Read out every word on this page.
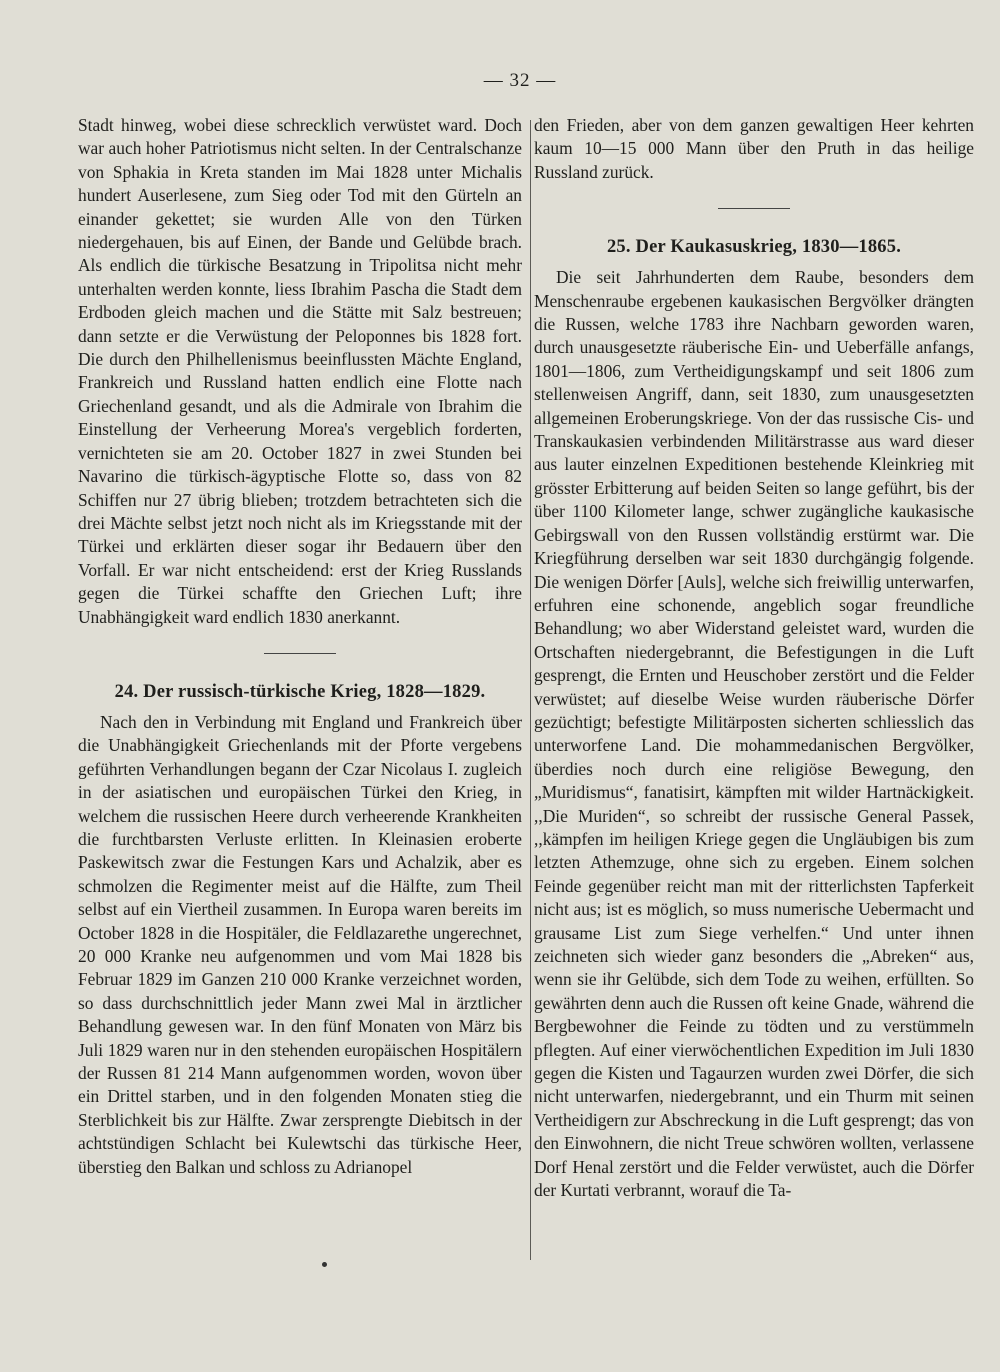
— 32 —

Stadt hinweg, wobei diese schrecklich verwüstet ward. Doch war auch hoher Patriotismus nicht selten. In der Centralschanze von Sphakia in Kreta standen im Mai 1828 unter Michalis hundert Auserlesene, zum Sieg oder Tod mit den Gürteln an einander gekettet; sie wurden Alle von den Türken niedergehauen, bis auf Einen, der Bande und Gelübde brach. Als endlich die türkische Besatzung in Tripolitsa nicht mehr unterhalten werden konnte, liess Ibrahim Pascha die Stadt dem Erdboden gleich machen und die Stätte mit Salz bestreuen; dann setzte er die Verwüstung der Peloponnes bis 1828 fort. Die durch den Philhellenismus beeinflussten Mächte England, Frankreich und Russland hatten endlich eine Flotte nach Griechenland gesandt, und als die Admirale von Ibrahim die Einstellung der Verheerung Morea's vergeblich forderten, vernichteten sie am 20. October 1827 in zwei Stunden bei Navarino die türkisch-ägyptische Flotte so, dass von 82 Schiffen nur 27 übrig blieben; trotzdem betrachteten sich die drei Mächte selbst jetzt noch nicht als im Kriegsstande mit der Türkei und erklärten dieser sogar ihr Bedauern über den Vorfall. Er war nicht entscheidend: erst der Krieg Russlands gegen die Türkei schaffte den Griechen Luft; ihre Unabhängigkeit ward endlich 1830 anerkannt.

24. Der russisch-türkische Krieg, 1828—1829.

Nach den in Verbindung mit England und Frankreich über die Unabhängigkeit Griechenlands mit der Pforte vergebens geführten Verhandlungen begann der Czar Nicolaus I. zugleich in der asiatischen und europäischen Türkei den Krieg, in welchem die russischen Heere durch verheerende Krankheiten die furchtbarsten Verluste erlitten. In Kleinasien eroberte Paskewitsch zwar die Festungen Kars und Achalzik, aber es schmolzen die Regimenter meist auf die Hälfte, zum Theil selbst auf ein Viertheil zusammen. In Europa waren bereits im October 1828 in die Hospitäler, die Feldlazarethe ungerechnet, 20 000 Kranke neu aufgenommen und vom Mai 1828 bis Februar 1829 im Ganzen 210 000 Kranke verzeichnet worden, so dass durchschnittlich jeder Mann zwei Mal in ärztlicher Behandlung gewesen war. In den fünf Monaten von März bis Juli 1829 waren nur in den stehenden europäischen Hospitälern der Russen 81 214 Mann aufgenommen worden, wovon über ein Drittel starben, und in den folgenden Monaten stieg die Sterblichkeit bis zur Hälfte. Zwar zersprengte Diebitsch in der achtstündigen Schlacht bei Kulewtschi das türkische Heer, überstieg den Balkan und schloss zu Adrianopel

den Frieden, aber von dem ganzen gewaltigen Heer kehrten kaum 10—15 000 Mann über den Pruth in das heilige Russland zurück.

25. Der Kaukasuskrieg, 1830—1865.

Die seit Jahrhunderten dem Raube, besonders dem Menschenraube ergebenen kaukasischen Bergvölker drängten die Russen, welche 1783 ihre Nachbarn geworden waren, durch unausgesetzte räuberische Ein- und Ueberfälle anfangs, 1801—1806, zum Vertheidigungskampf und seit 1806 zum stellenweisen Angriff, dann, seit 1830, zum unausgesetzten allgemeinen Eroberungskriege. Von der das russische Cis- und Transkaukasien verbindenden Militärstrasse aus ward dieser aus lauter einzelnen Expeditionen bestehende Kleinkrieg mit grösster Erbitterung auf beiden Seiten so lange geführt, bis der über 1100 Kilometer lange, schwer zugängliche kaukasische Gebirgswall von den Russen vollständig erstürmt war. Die Kriegführung derselben war seit 1830 durchgängig folgende. Die wenigen Dörfer [Auls], welche sich freiwillig unterwarfen, erfuhren eine schonende, angeblich sogar freundliche Behandlung; wo aber Widerstand geleistet ward, wurden die Ortschaften niedergebrannt, die Befestigungen in die Luft gesprengt, die Ernten und Heuschober zerstört und die Felder verwüstet; auf dieselbe Weise wurden räuberische Dörfer gezüchtigt; befestigte Militärposten sicherten schliesslich das unterworfene Land. Die mohammedanischen Bergvölker, überdies noch durch eine religiöse Bewegung, den „Muridismus“, fanatisirt, kämpften mit wilder Hartnäckigkeit. ,,Die Muriden“, so schreibt der russische General Passek, ,,kämpfen im heiligen Kriege gegen die Ungläubigen bis zum letzten Athemzuge, ohne sich zu ergeben. Einem solchen Feinde gegenüber reicht man mit der ritterlichsten Tapferkeit nicht aus; ist es möglich, so muss numerische Uebermacht und grausame List zum Siege verhelfen.“ Und unter ihnen zeichneten sich wieder ganz besonders die „Abreken“ aus, wenn sie ihr Gelübde, sich dem Tode zu weihen, erfüllten. So gewährten denn auch die Russen oft keine Gnade, während die Bergbewohner die Feinde zu tödten und zu verstümmeln pflegten. Auf einer vierwöchentlichen Expedition im Juli 1830 gegen die Kisten und Tagaurzen wurden zwei Dörfer, die sich nicht unterwarfen, niedergebrannt, und ein Thurm mit seinen Vertheidigern zur Abschreckung in die Luft gesprengt; das von den Einwohnern, die nicht Treue schwören wollten, verlassene Dorf Henal zerstört und die Felder verwüstet, auch die Dörfer der Kurtati verbrannt, worauf die Ta-
